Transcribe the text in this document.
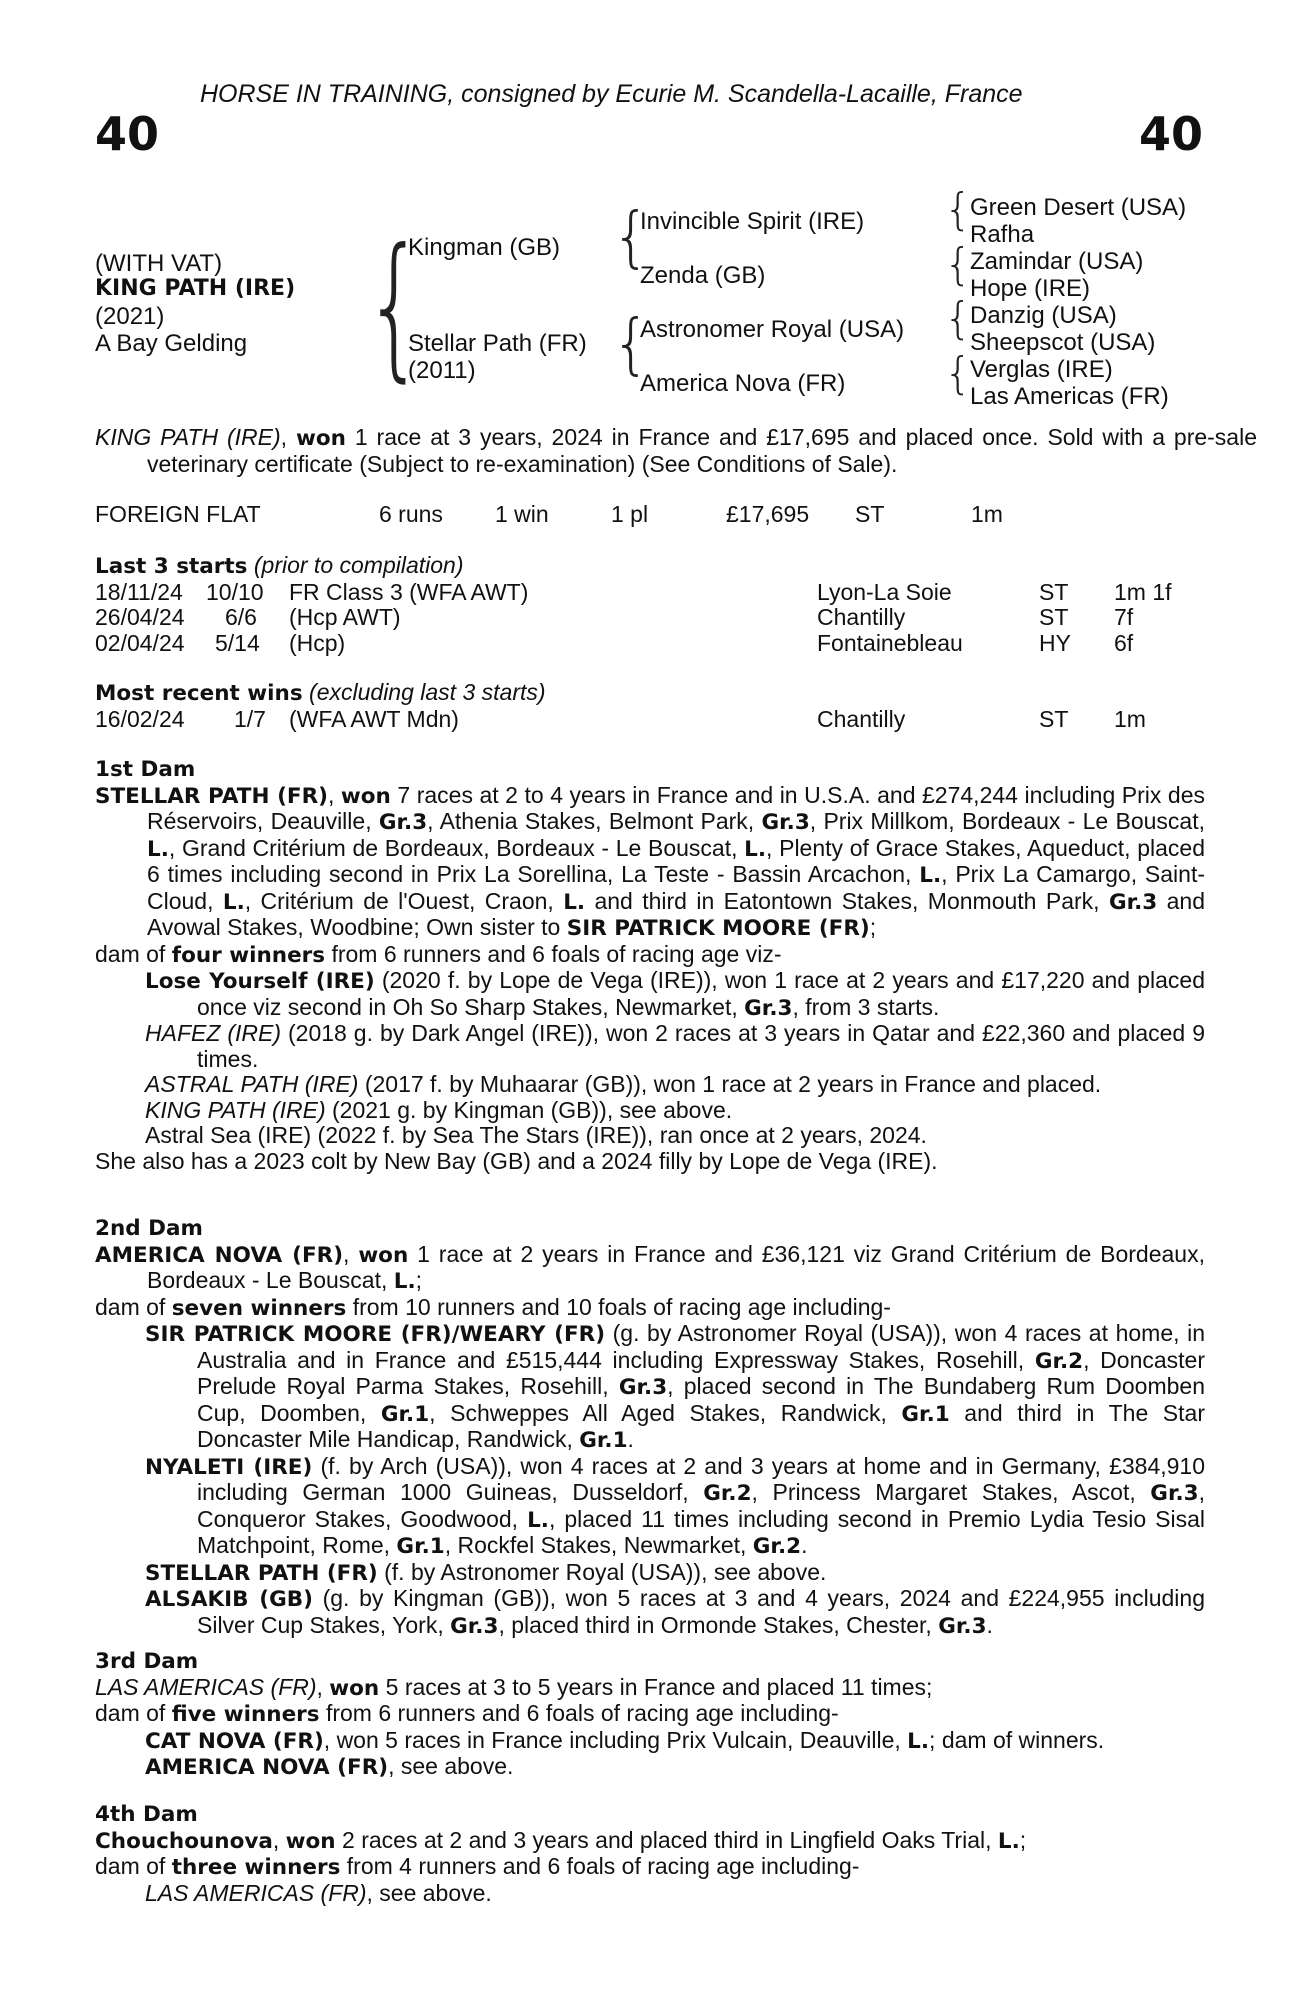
HORSE IN TRAINING, consigned by Ecurie M. Scandella-Lacaille, France
40	40
(WITH VAT)
KING PATH (IRE)
(2021)
A Bay Gelding {
Kingman (GB)
Stellar Path (FR)
(2011)
{
{
Invincible Spirit (IRE)
Zenda (GB)
Astronomer Royal (USA)
America Nova (FR)
{
{
{
{
Green Desert (USA)
Rafha
Zamindar (USA)
Hope (IRE)
Danzig (USA)
Sheepscot (USA)
Verglas (IRE)
Las Americas (FR)
KING PATH (IRE), won 1 race at 3 years, 2024 in France and £17,695 and placed once. Sold with a pre-sale veterinary certificate (Subject to re-examination) (See Conditions of Sale).
FOREIGN FLAT	6 runs 1 win	1 pl	£17,695 ST	1m
Last 3 starts (prior to compilation)
18/11/24 10/10 FR Class 3 (WFA AWT)	Lyon-La Soie	ST 1m 1f
26/04/24 6/6 (Hcp AWT)	Chantilly	ST 7f
02/04/24 5/14 (Hcp)	Fontainebleau	HY 6f
Most recent wins (excluding last 3 starts)
16/02/24 1/7 (WFA AWT Mdn)	Chantilly	ST 1m
1st Dam
STELLAR PATH (FR), won 7 races at 2 to 4 years in France and in U.S.A. and £274,244 including Prix des Réservoirs, Deauville, Gr.3, Athenia Stakes, Belmont Park, Gr.3, Prix Millkom, Bordeaux - Le Bouscat, L., Grand Critérium de Bordeaux, Bordeaux - Le Bouscat, L., Plenty of Grace Stakes, Aqueduct, placed 6 times including second in Prix La Sorellina, La Teste - Bassin Arcachon, L., Prix La Camargo, Saint-Cloud, L., Critérium de l'Ouest, Craon, L. and third in Eatontown Stakes, Monmouth Park, Gr.3 and Avowal Stakes, Woodbine; Own sister to SIR PATRICK MOORE (FR);
dam of four winners from 6 runners and 6 foals of racing age viz-
Lose Yourself (IRE) (2020 f. by Lope de Vega (IRE)), won 1 race at 2 years and £17,220 and placed once viz second in Oh So Sharp Stakes, Newmarket, Gr.3, from 3 starts.
HAFEZ (IRE) (2018 g. by Dark Angel (IRE)), won 2 races at 3 years in Qatar and £22,360 and placed 9 times.
ASTRAL PATH (IRE) (2017 f. by Muhaarar (GB)), won 1 race at 2 years in France and placed.
KING PATH (IRE) (2021 g. by Kingman (GB)), see above.
Astral Sea (IRE) (2022 f. by Sea The Stars (IRE)), ran once at 2 years, 2024.
She also has a 2023 colt by New Bay (GB) and a 2024 filly by Lope de Vega (IRE).
2nd Dam
AMERICA NOVA (FR), won 1 race at 2 years in France and £36,121 viz Grand Critérium de Bordeaux, Bordeaux - Le Bouscat, L.;
dam of seven winners from 10 runners and 10 foals of racing age including-
SIR PATRICK MOORE (FR)/WEARY (FR) (g. by Astronomer Royal (USA)), won 4 races at home, in Australia and in France and £515,444 including Expressway Stakes, Rosehill, Gr.2, Doncaster Prelude Royal Parma Stakes, Rosehill, Gr.3, placed second in The Bundaberg Rum Doomben Cup, Doomben, Gr.1, Schweppes All Aged Stakes, Randwick, Gr.1 and third in The Star Doncaster Mile Handicap, Randwick, Gr.1.
NYALETI (IRE) (f. by Arch (USA)), won 4 races at 2 and 3 years at home and in Germany, £384,910 including German 1000 Guineas, Dusseldorf, Gr.2, Princess Margaret Stakes, Ascot, Gr.3, Conqueror Stakes, Goodwood, L., placed 11 times including second in Premio Lydia Tesio Sisal Matchpoint, Rome, Gr.1, Rockfel Stakes, Newmarket, Gr.2.
STELLAR PATH (FR) (f. by Astronomer Royal (USA)), see above.
ALSAKIB (GB) (g. by Kingman (GB)), won 5 races at 3 and 4 years, 2024 and £224,955 including Silver Cup Stakes, York, Gr.3, placed third in Ormonde Stakes, Chester, Gr.3.
3rd Dam
LAS AMERICAS (FR), won 5 races at 3 to 5 years in France and placed 11 times;
dam of five winners from 6 runners and 6 foals of racing age including-
CAT NOVA (FR), won 5 races in France including Prix Vulcain, Deauville, L.; dam of winners.
AMERICA NOVA (FR), see above.
4th Dam
Chouchounova, won 2 races at 2 and 3 years and placed third in Lingfield Oaks Trial, L.;
dam of three winners from 4 runners and 6 foals of racing age including-
LAS AMERICAS (FR), see above.
